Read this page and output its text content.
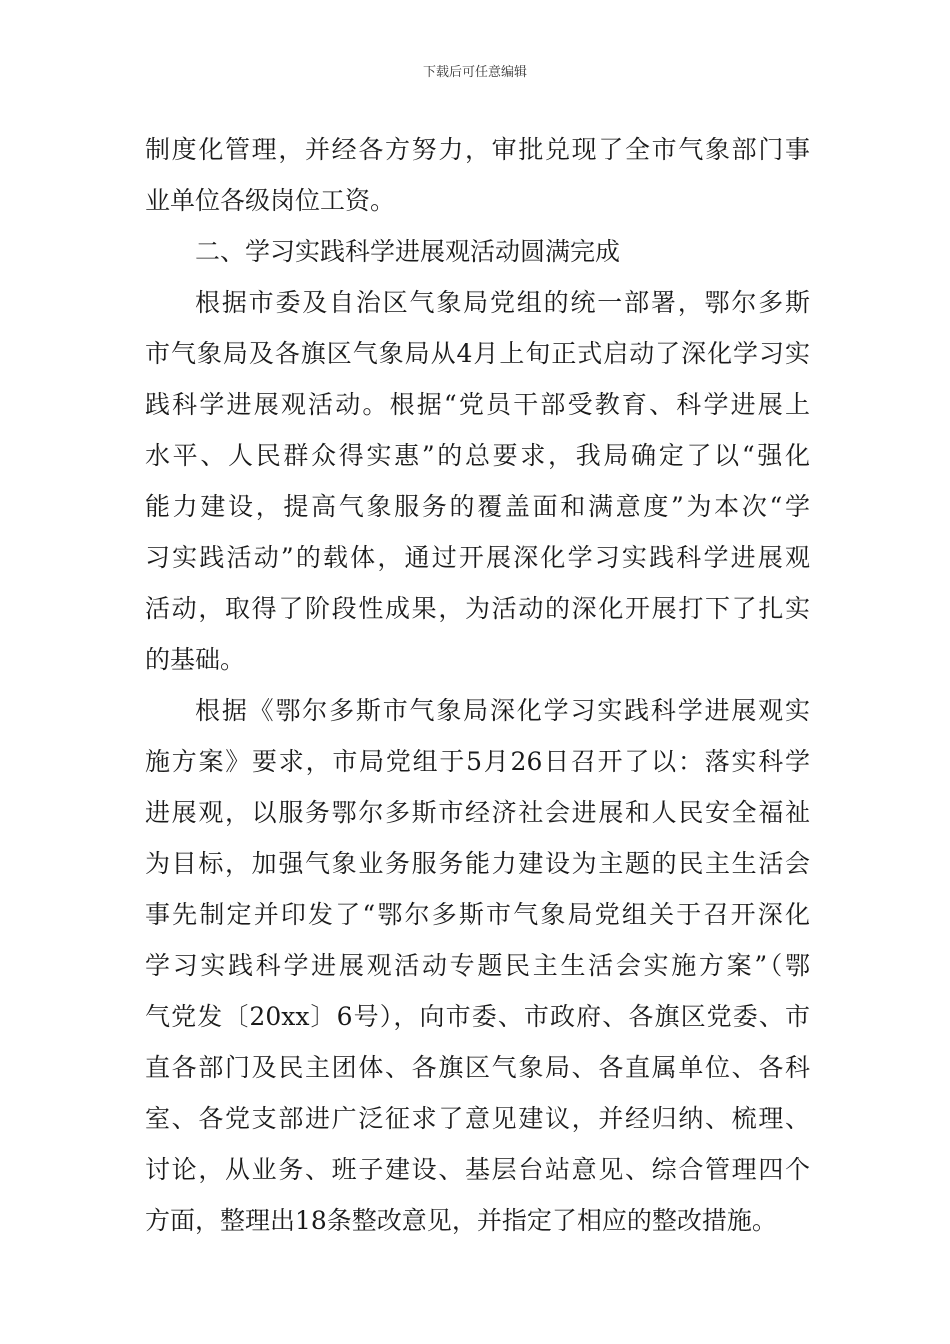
下载后可任意编辑
制度化管理，并经各方努力，审批兑现了全市气象部门事
业单位各级岗位工资。
二、学习实践科学进展观活动圆满完成
根据市委及自治区气象局党组的统一部署，鄂尔多斯
市气象局及各旗区气象局从4月上旬正式启动了深化学习实
践科学进展观活动。根据“党员干部受教育、科学进展上
水平、人民群众得实惠”的总要求，我局确定了以“强化
能力建设，提高气象服务的覆盖面和满意度”为本次“学
习实践活动”的载体，通过开展深化学习实践科学进展观
活动，取得了阶段性成果，为活动的深化开展打下了扎实
的基础。
根据《鄂尔多斯市气象局深化学习实践科学进展观实
施方案》要求，市局党组于5月26日召开了以：落实科学
进展观，以服务鄂尔多斯市经济社会进展和人民安全福祉
为目标，加强气象业务服务能力建设为主题的民主生活会
事先制定并印发了“鄂尔多斯市气象局党组关于召开深化
学习实践科学进展观活动专题民主生活会实施方案”（鄂
气党发〔20xx〕6号），向市委、市政府、各旗区党委、市
直各部门及民主团体、各旗区气象局、各直属单位、各科
室、各党支部进广泛征求了意见建议，并经归纳、梳理、
讨论，从业务、班子建设、基层台站意见、综合管理四个
方面，整理出18条整改意见，并指定了相应的整改措施。
